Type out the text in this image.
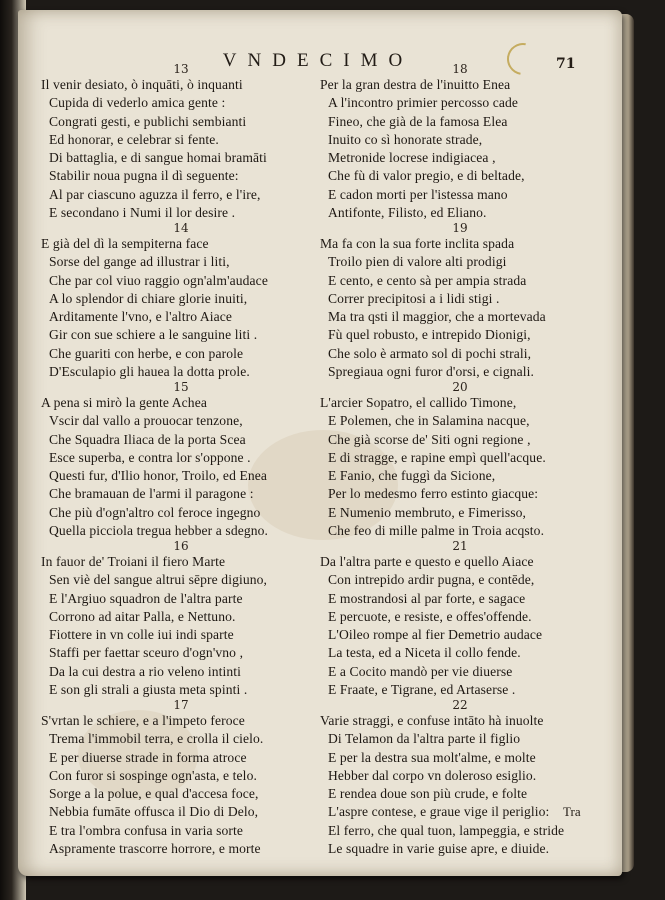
VNDECIMO	71
13
Il venir desiato, ò inquāti, ò inquanti
Cupida di vederlo amica gente :
Congrati gesti, e publichi sembianti
Ed honorar, e celebrar si fente.
Di battaglia, e di sangue homai bramāti
Stabilir noua pugna il dì seguente:
Al par ciascuno aguzza il ferro, e l'ire,
E secondano i Numi il lor desire .
14
E già del dì la sempiterna face
Sorse del gange ad illustrar i liti,
Che par col viuo raggio ogn'alm'audace
A lo splendor di chiare glorie inuiti,
Arditamente l'vno, e l'altro Aiace
Gir con sue schiere a le sanguine liti .
Che guariti con herbe, e con parole
D'Esculapio gli hauea la dotta prole.
15
A pena si mirò la gente Achea
Vscir dal vallo a prouocar tenzone,
Che Squadra Iliaca de la porta Scea
Esce superba, e contra lor s'oppone .
Questi fur, d'Ilio honor, Troilo, ed Enea
Che bramauan de l'armi il paragone :
Che più d'ogn'altro col feroce ingegno
Quella picciola tregua hebber a sdegno.
16
In fauor de' Troiani il fiero Marte
Sen viè del sangue altrui sēpre digiuno,
E l'Argiuo squadron de l'altra parte
Corrono ad aitar Palla, e Nettuno.
Fiottere in vn colle iui indi sparte
Staffi per faettar sceuro d'ogn'vno ,
Da la cui destra a rio veleno intinti
E son gli strali a giusta meta spinti .
17
S'vrtan le schiere, e a l'impeto feroce
Trema l'immobil terra, e crolla il cielo.
E per diuerse strade in forma atroce
Con furor si sospinge ogn'asta, e telo.
Sorge a la polue, e qual d'accesa foce,
Nebbia fumāte offusca il Dio di Delo,
E tra l'ombra confusa in varia sorte
Aspramente trascorre horrore, e morte
18
Per la gran destra de l'inuitto Enea
A l'incontro primier percosso cade
Fineo, che già de la famosa Elea
Inuito co sì honorate strade,
Metronide locrese indigiacea ,
Che fù di valor pregio, e di beltade,
E cadon morti per l'istessa mano
Antifonte, Filisto, ed Eliano.
19
Ma fa con la sua forte inclita spada
Troilo pien di valore alti prodigi
E cento, e cento sà per ampia strada
Correr precipitosi a i lidi stigi .
Ma tra qsti il maggior, che a mortevada
Fù quel robusto, e intrepido Dionigi,
Che solo è armato sol di pochi strali,
Spregiaua ogni furor d'orsi, e cignali.
20
L'arcier Sopatro, el callido Timone,
E Polemen, che in Salamina nacque,
Che già scorse de' Siti ogni regione ,
E di stragge, e rapine empì quell'acque.
E Fanio, che fuggì da Sicione,
Per lo medesmo ferro estinto giacque:
E Numenio membruto, e Fimerisso,
Che feo di mille palme in Troia acqsto.
21
Da l'altra parte e questo e quello Aiace
Con intrepido ardir pugna, e contēde,
E mostrandosi al par forte, e sagace
E percuote, e resiste, e offes'offende.
L'Oileo rompe al fier Demetrio audace
La testa, ed a Niceta il collo fende.
E a Cocito mandò per vie diuerse
E Fraate, e Tigrane, ed Artaserse .
22
Varie straggi, e confuse intāto hà inuolte
Di Telamon da l'altra parte il figlio
E per la destra sua molt'alme, e molte
Hebber dal corpo vn doleroso esiglio.
E rendea doue son più crude, e folte
L'aspre contese, e graue vige il periglio:
El ferro, che qual tuon, lampeggia, e stride
Le squadre in varie guise apre, e diuide.
Tra
